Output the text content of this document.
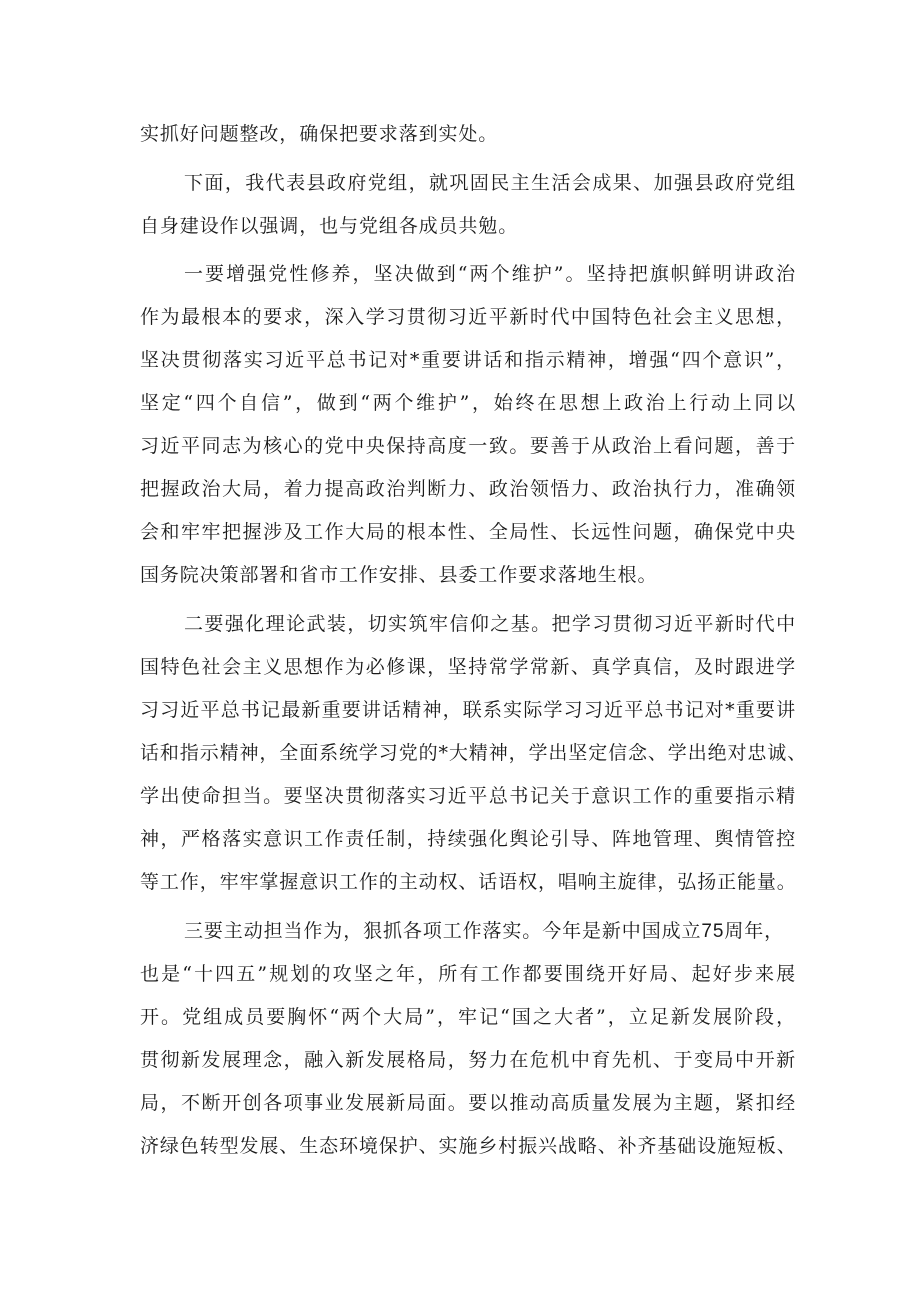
实抓好问题整改，确保把要求落到实处。
下面，我代表县政府党组，就巩固民主生活会成果、加强县政府党组
自身建设作以强调，也与党组各成员共勉。
一要增强党性修养，坚决做到“两个维护”。坚持把旗帜鲜明讲政治
作为最根本的要求，深入学习贯彻习近平新时代中国特色社会主义思想，
坚决贯彻落实习近平总书记对*重要讲话和指示精神，增强“四个意识”，
坚定“四个自信”，做到“两个维护”，始终在思想上政治上行动上同以
习近平同志为核心的党中央保持高度一致。要善于从政治上看问题，善于
把握政治大局，着力提高政治判断力、政治领悟力、政治执行力，准确领
会和牢牢把握涉及工作大局的根本性、全局性、长远性问题，确保党中央
国务院决策部署和省市工作安排、县委工作要求落地生根。
二要强化理论武装，切实筑牢信仰之基。把学习贯彻习近平新时代中
国特色社会主义思想作为必修课，坚持常学常新、真学真信，及时跟进学
习习近平总书记最新重要讲话精神，联系实际学习习近平总书记对*重要讲
话和指示精神，全面系统学习党的*大精神，学出坚定信念、学出绝对忠诚、
学出使命担当。要坚决贯彻落实习近平总书记关于意识工作的重要指示精
神，严格落实意识工作责任制，持续强化舆论引导、阵地管理、舆情管控
等工作，牢牢掌握意识工作的主动权、话语权，唱响主旋律，弘扬正能量。
三要主动担当作为，狠抓各项工作落实。今年是新中国成立75周年，
也是“十四五”规划的攻坚之年，所有工作都要围绕开好局、起好步来展
开。党组成员要胸怀“两个大局”，牢记“国之大者”，立足新发展阶段，
贯彻新发展理念，融入新发展格局，努力在危机中育先机、于变局中开新
局，不断开创各项事业发展新局面。要以推动高质量发展为主题，紧扣经
济绿色转型发展、生态环境保护、实施乡村振兴战略、补齐基础设施短板、
